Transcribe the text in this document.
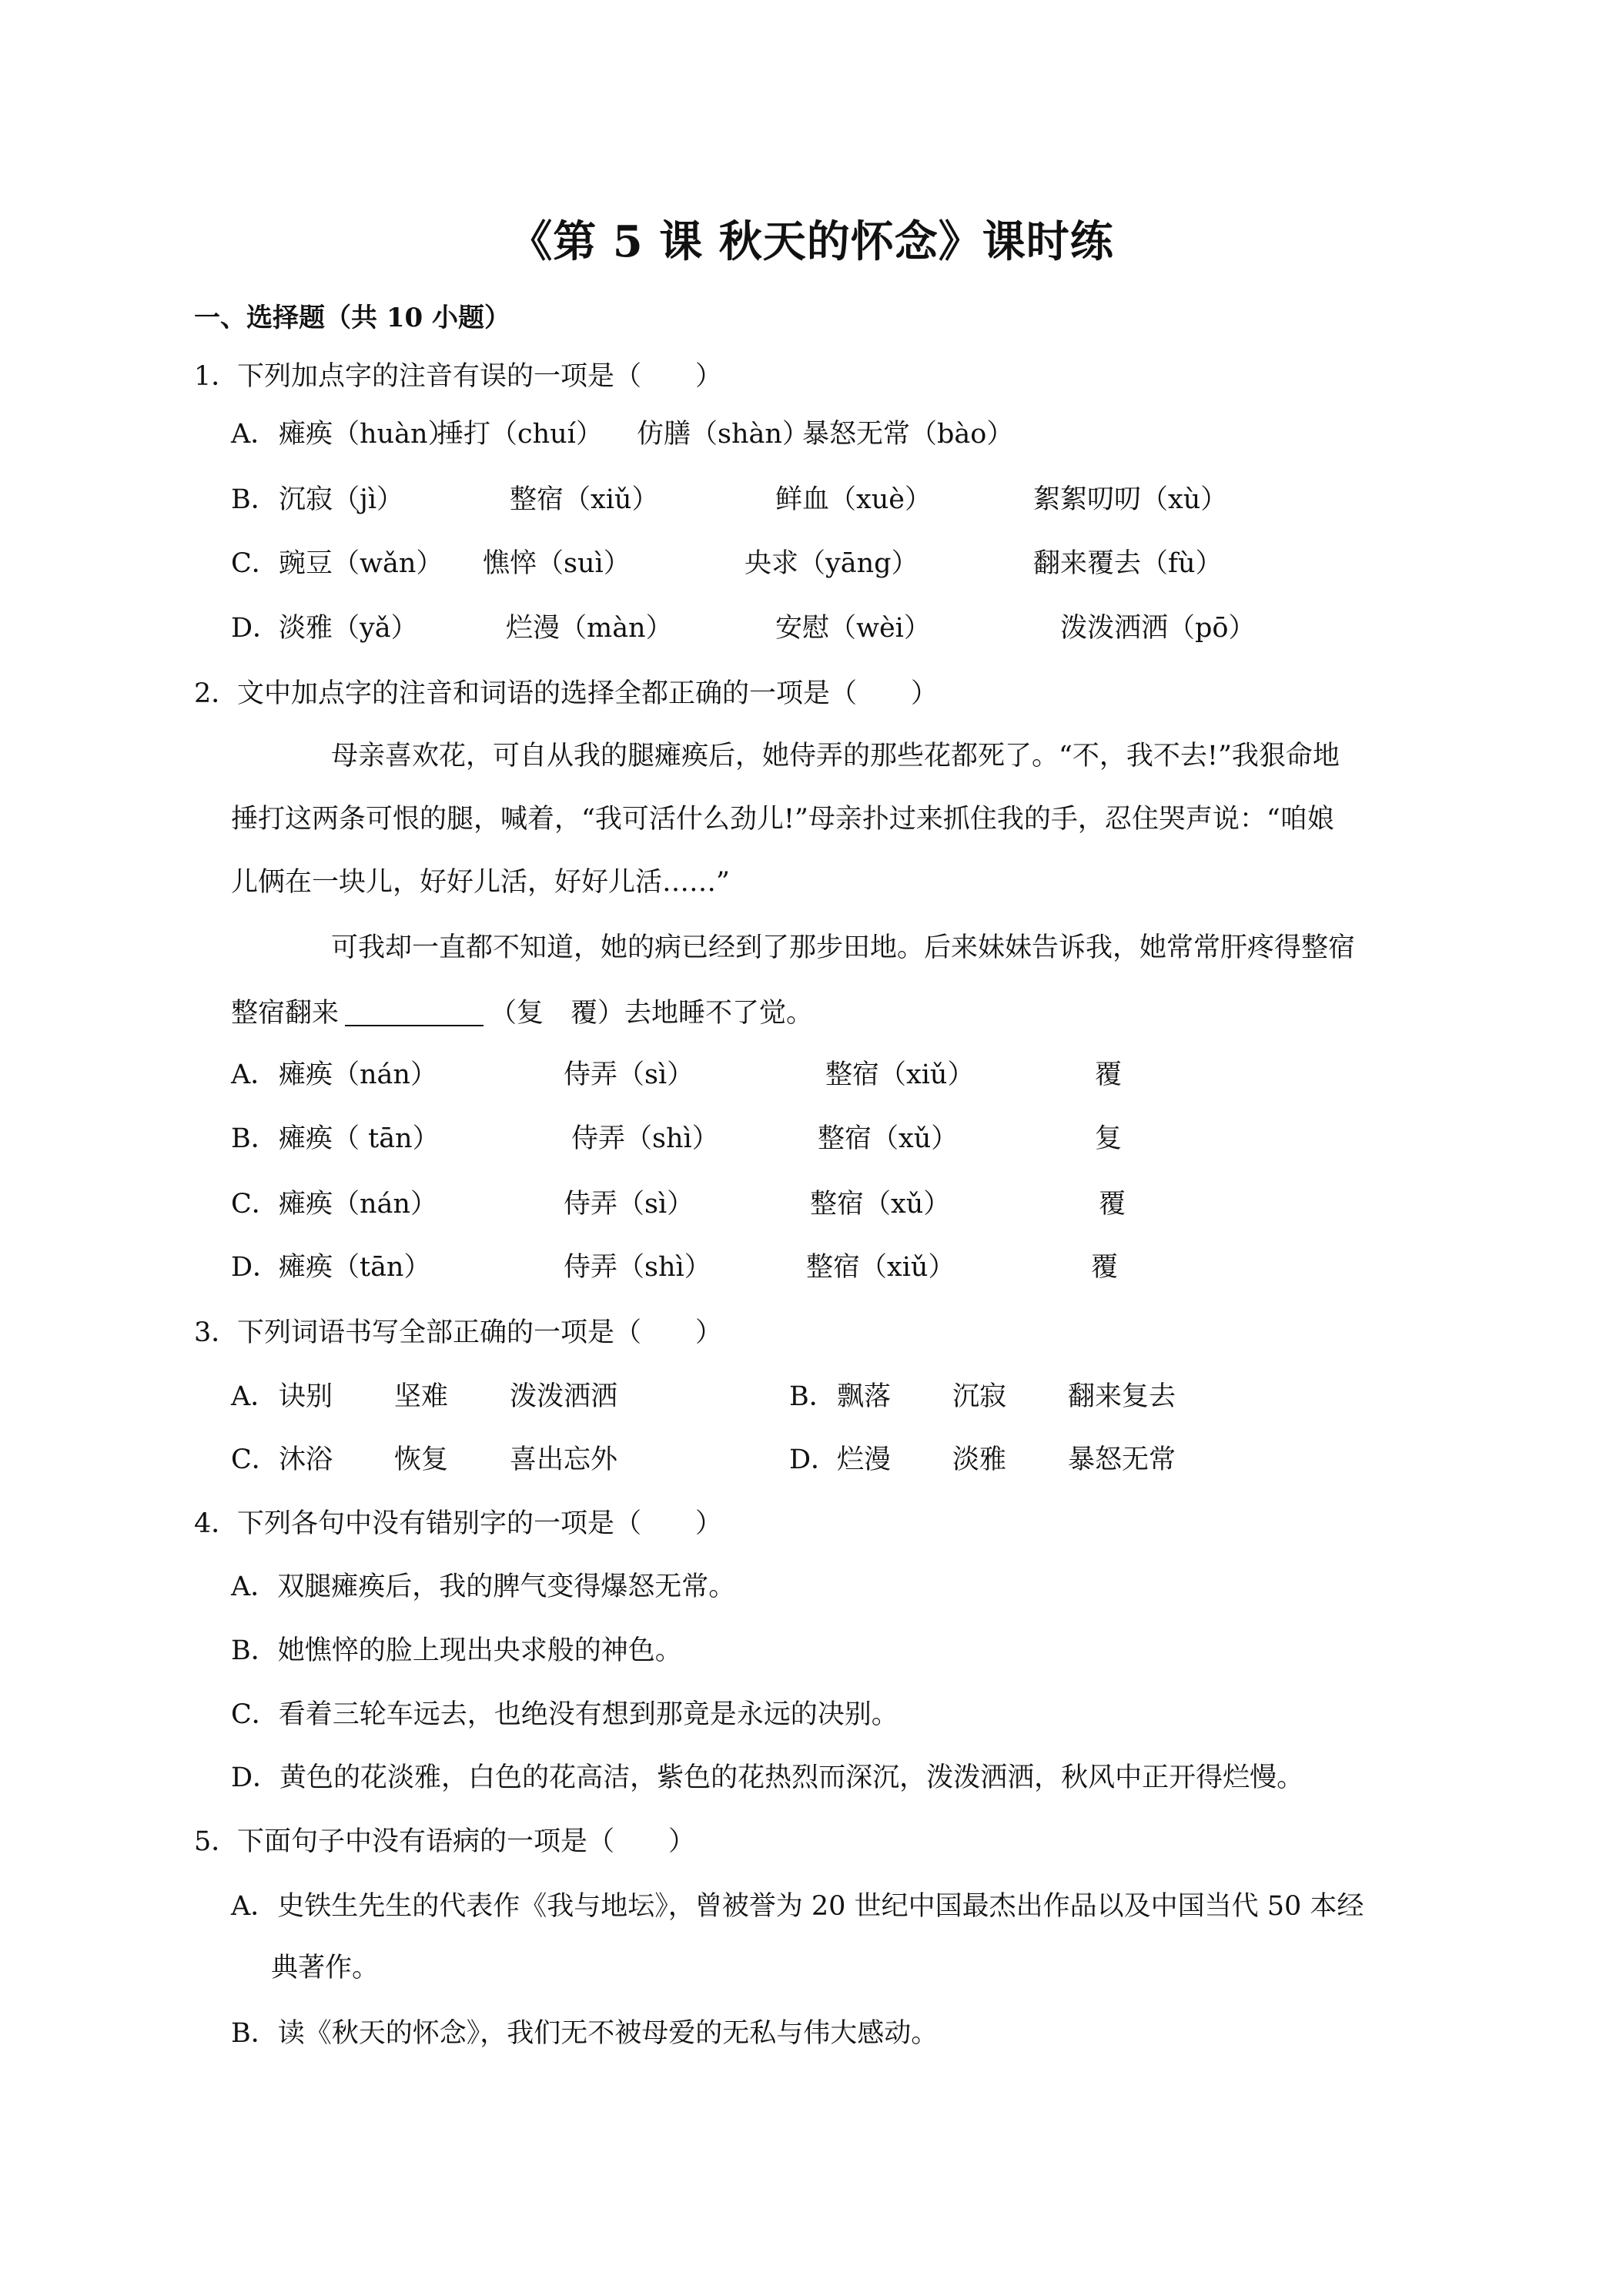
《第 5 课 秋天的怀念》课时练
一、选择题（共 10 小题）
1．下列加点字的注音有误的一项是（　　）
A．瘫痪（huàn）捶打（chuí） 仿膳（shàn）暴怒无常（bào）
B．沉寂（jì）	整宿（xiǔ）	鲜血（xuè）	絮絮叨叨（xù）
C．豌豆（wǎn） 憔悴（suì）	央求（yāng）	翻来覆去（fù）
D．淡雅（yǎ）	烂漫（màn）	安慰（wèi）	泼泼洒洒（pō）
2．文中加点字的注音和词语的选择全都正确的一项是（　　）
母亲喜欢花，可自从我的腿瘫痪后，她侍弄的那些花都死了。“不，我不去!”我狠命地
捶打这两条可恨的腿，喊着，“我可活什么劲儿!”母亲扑过来抓住我的手，忍住哭声说：“咱娘
儿俩在一块儿，好好儿活，好好儿活……”
可我却一直都不知道，她的病已经到了那步田地。后来妹妹告诉我，她常常肝疼得整宿
整宿翻来	（复　覆）去地睡不了觉。
A．瘫痪（nán）	侍弄（sì）	整宿（xiǔ）	覆
B．瘫痪（ tān）	侍弄（shì）	整宿（xǔ）	复
C．瘫痪（nán）	侍弄（sì）	整宿（xǔ）	覆
D．瘫痪（tān）	侍弄（shì）	整宿（xiǔ）	覆
3．下列词语书写全部正确的一项是（　　）
A．诀别 坚难 泼泼洒洒	B．飘落 沉寂 翻来复去
C．沐浴 恢复 喜出忘外	D．烂漫 淡雅 暴怒无常
4．下列各句中没有错别字的一项是（　　）
A．双腿瘫痪后，我的脾气变得爆怒无常。
B．她憔悴的脸上现出央求般的神色。
C．看着三轮车远去，也绝没有想到那竟是永远的决别。
D．黄色的花淡雅，白色的花高洁，紫色的花热烈而深沉，泼泼洒洒，秋风中正开得烂慢。
5．下面句子中没有语病的一项是（　　）
A．史铁生先生的代表作《我与地坛》，曾被誉为 20 世纪中国最杰出作品以及中国当代 50 本经
典著作。
B．读《秋天的怀念》，我们无不被母爱的无私与伟大感动。
